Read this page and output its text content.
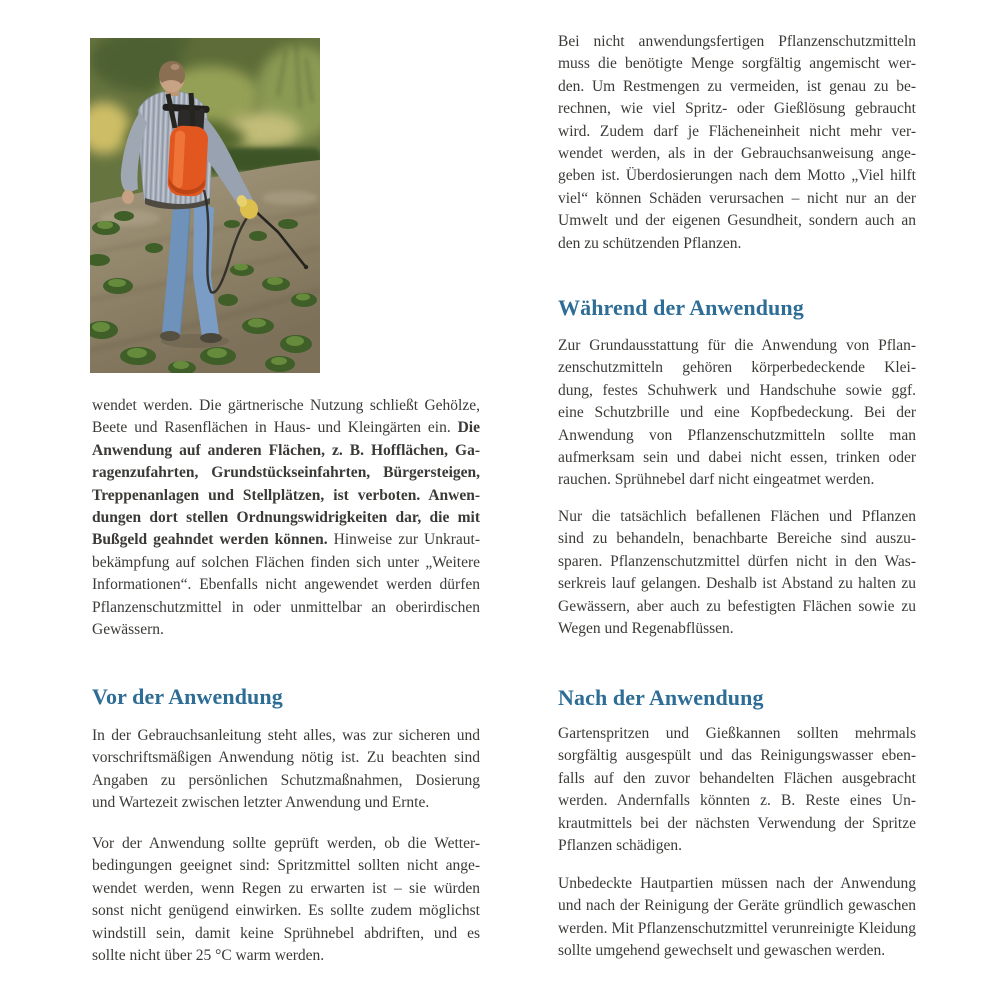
wendet werden. Die gärtnerische Nutzung schließt Gehölze,
Beete und Rasenflächen in Haus- und Kleingärten ein. Die
Anwendung auf anderen Flächen, z. B. Hofflächen, Ga-
ragenzufahrten, Grundstückseinfahrten, Bürgersteigen,
Treppenanlagen und Stellplätzen, ist verboten. Anwen-
dungen dort stellen Ordnungswidrigkeiten dar, die mit
Bußgeld geahndet werden können. Hinweise zur Unkraut-
bekämpfung auf solchen Flächen finden sich unter „Weitere
Informationen“. Ebenfalls nicht angewendet werden dürfen
Pflanzenschutzmittel in oder unmittelbar an oberirdischen
Gewässern.
Vor der Anwendung
In der Gebrauchsanleitung steht alles, was zur sicheren und
vorschriftsmäßigen Anwendung nötig ist. Zu beachten sind
Angaben zu persönlichen Schutzmaßnahmen, Dosierung
und Wartezeit zwischen letzter Anwendung und Ernte.
Vor der Anwendung sollte geprüft werden, ob die Wetter-
bedingungen geeignet sind: Spritzmittel sollten nicht ange-
wendet werden, wenn Regen zu erwarten ist – sie würden
sonst nicht genügend einwirken. Es sollte zudem möglichst
windstill sein, damit keine Sprühnebel abdriften, und es
sollte nicht über 25 °C warm werden.
Bei nicht anwendungsfertigen Pflanzenschutzmitteln
muss die benötigte Menge sorgfältig angemischt wer-
den. Um Restmengen zu vermeiden, ist genau zu be-
rechnen, wie viel Spritz- oder Gießlösung gebraucht
wird. Zudem darf je Flächeneinheit nicht mehr ver-
wendet werden, als in der Gebrauchsanweisung ange-
geben ist. Überdosierungen nach dem Motto „Viel hilft
viel“ können Schäden verursachen – nicht nur an der
Umwelt und der eigenen Gesundheit, sondern auch an
den zu schützenden Pflanzen.
Während der Anwendung
Zur Grundausstattung für die Anwendung von Pflan-
zenschutzmitteln gehören körperbedeckende Klei-
dung, festes Schuhwerk und Handschuhe sowie ggf.
eine Schutzbrille und eine Kopfbedeckung. Bei der
Anwendung von Pflanzenschutzmitteln sollte man
aufmerksam sein und dabei nicht essen, trinken oder
rauchen. Sprühnebel darf nicht eingeatmet werden.
Nur die tatsächlich befallenen Flächen und Pflanzen
sind zu behandeln, benachbarte Bereiche sind auszu-
sparen. Pflanzenschutzmittel dürfen nicht in den Was-
serkreis lauf gelangen. Deshalb ist Abstand zu halten zu
Gewässern, aber auch zu befestigten Flächen sowie zu
Wegen und Regenabflüssen.
Nach der Anwendung
Gartenspritzen und Gießkannen sollten mehrmals
sorgfältig ausgespült und das Reinigungswasser eben-
falls auf den zuvor behandelten Flächen ausgebracht
werden. Andernfalls könnten z. B. Reste eines Un-
krautmittels bei der nächsten Verwendung der Spritze
Pflanzen schädigen.
Unbedeckte Hautpartien müssen nach der Anwendung
und nach der Reinigung der Geräte gründlich gewaschen
werden. Mit Pflanzenschutzmittel verunreinigte Kleidung
sollte umgehend gewechselt und gewaschen werden.
